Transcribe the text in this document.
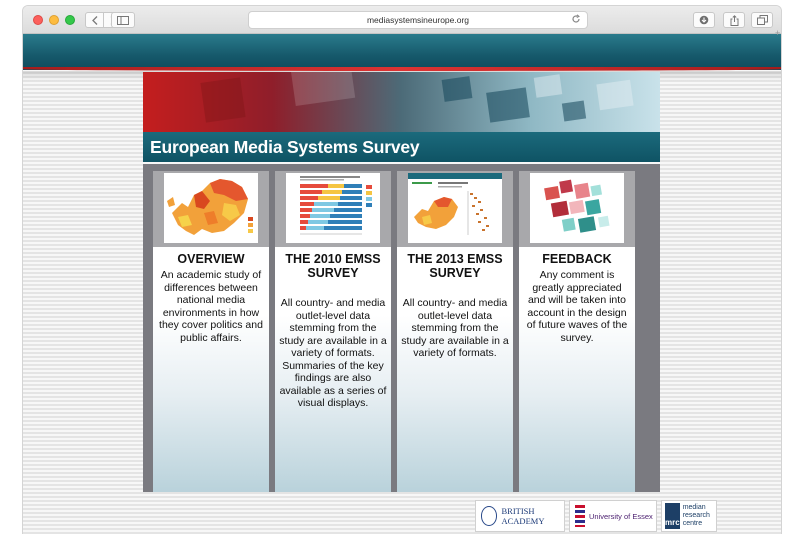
mediasystemsineurope.org
European Media Systems Survey
OVERVIEW
An academic study of differences between national media environments in how they cover politics and public affairs.
THE 2010 EMSS SURVEY
All country- and media outlet-level data stemming from the study are available in a variety of formats. Summaries of the key findings are also available as a series of visual displays.
THE 2013 EMSS SURVEY
All country- and media outlet-level data stemming from the study are available in a variety of formats.
FEEDBACK
Any comment is greatly appreciated and will be taken into account in the design of future waves of the survey.
BRITISH ACADEMY	University of Essex
mrc
median research centre
+
